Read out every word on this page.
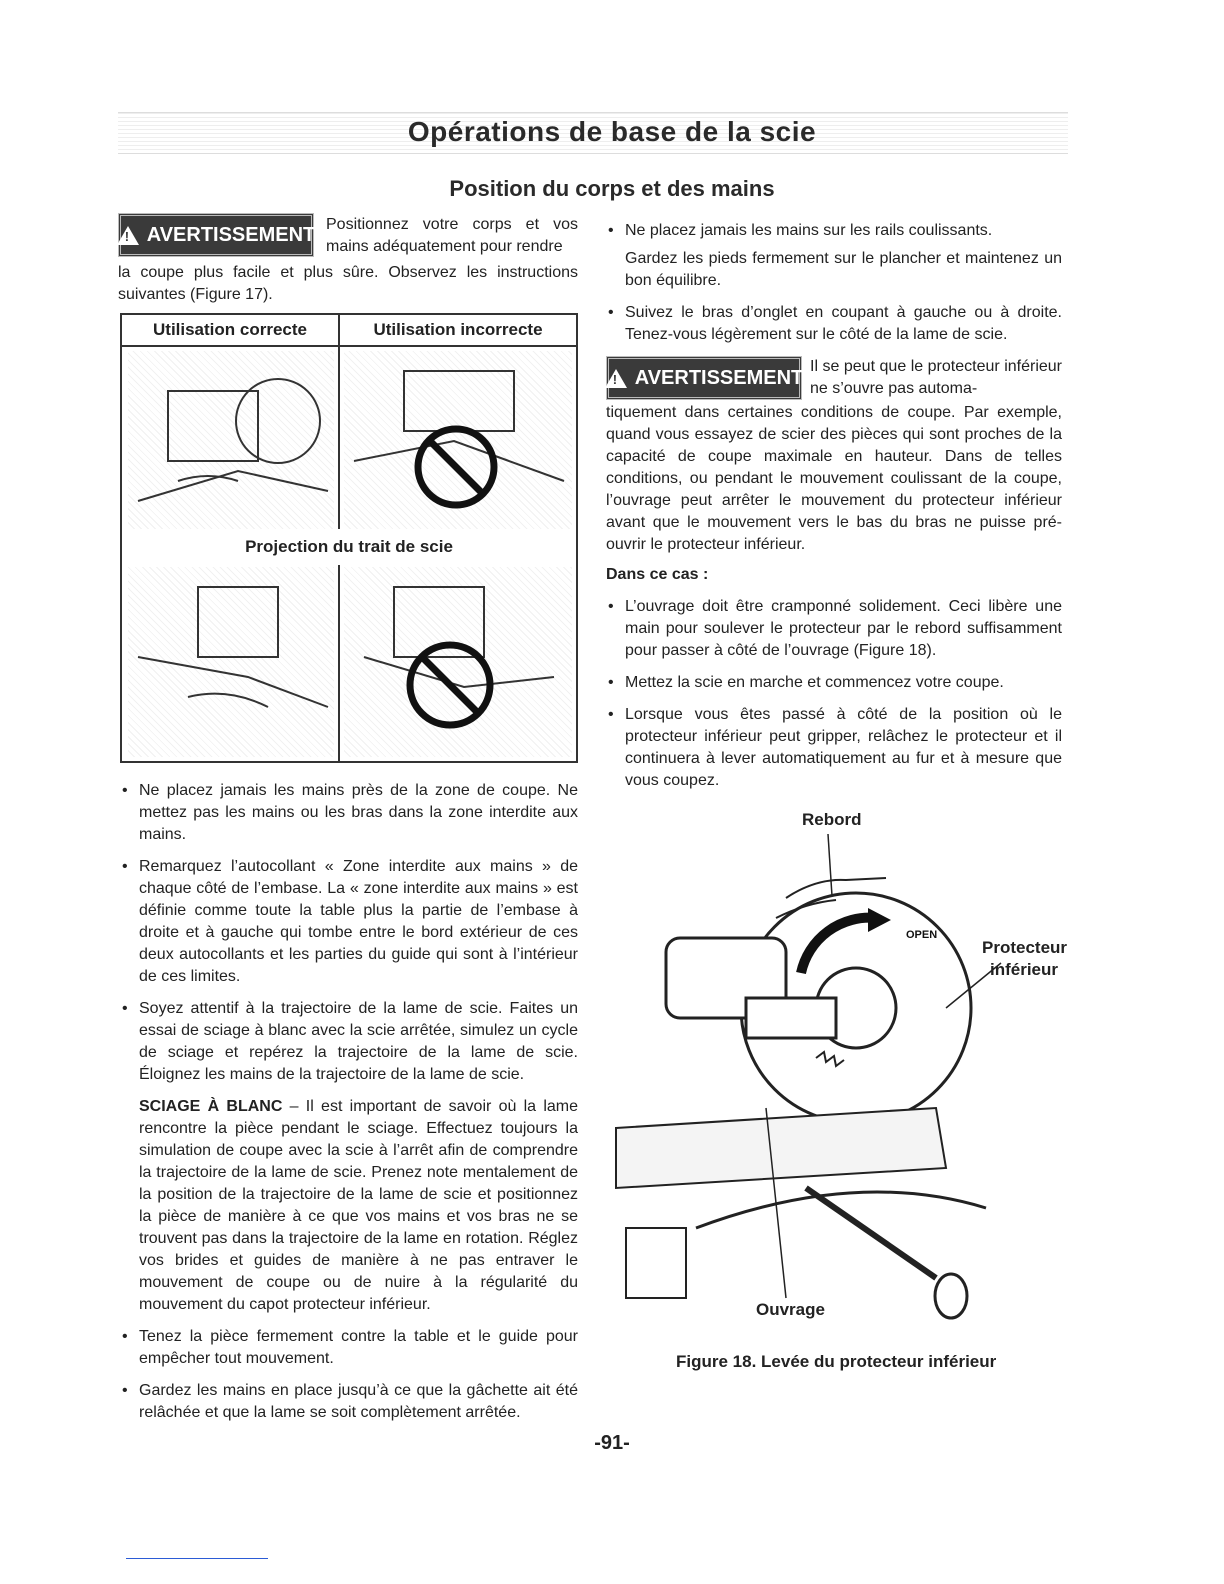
Opérations de base de la scie
Position du corps et des mains
!
AVERTISSEMENT Positionnez votre corps et vos mains adéquatement pour rendre
la coupe plus facile et plus sûre. Observez les instructions suivantes (Figure 17).
Utilisation correcte	Utilisation incorrecte
Projection du trait de scie
• Ne placez jamais les mains près de la zone de coupe. Ne mettez pas les mains ou les bras dans la zone interdite aux mains.
• Remarquez l’autocollant « Zone interdite aux mains » de chaque côté de l’embase. La « zone interdite aux mains » est définie comme toute la table plus la partie de l’embase à droite et à gauche qui tombe entre le bord extérieur de ces deux autocollants et les parties du guide qui sont à l’intérieur de ces limites.
• Soyez attentif à la trajectoire de la lame de scie. Faites un essai de sciage à blanc avec la scie arrêtée, simulez un cycle de sciage et repérez la trajectoire de la lame de scie. Éloignez les mains de la trajectoire de la lame de scie.
SCIAGE À BLANC – Il est important de savoir où la lame rencontre la pièce pendant le sciage. Effectuez toujours la simulation de coupe avec la scie à l’arrêt afin de comprendre la trajectoire de la lame de scie. Prenez note mentalement de la position de la trajectoire de la lame de scie et positionnez la pièce de manière à ce que vos mains et vos bras ne se trouvent pas dans la trajectoire de la lame en rotation. Réglez vos brides et guides de manière à ne pas entraver le mouvement de coupe ou de nuire à la régularité du mouvement du capot protecteur inférieur.
• Tenez la pièce fermement contre la table et le guide pour empêcher tout mouvement.
• Gardez les mains en place jusqu’à ce que la gâchette ait été relâchée et que la lame se soit complètement arrêtée.
• Ne placez jamais les mains sur les rails coulissants.
Gardez les pieds fermement sur le plancher et maintenez un bon équilibre.
• Suivez le bras d’onglet en coupant à gauche ou à droite. Tenez-vous légèrement sur le côté de la lame de scie.
!
AVERTISSEMENT Il se peut que le protecteur inférieur ne s’ouvre pas automa-
tiquement dans certaines conditions de coupe. Par exemple, quand vous essayez de scier des pièces qui sont proches de la capacité de coupe maximale en hauteur. Dans de telles conditions, ou pendant le mouvement coulissant de la coupe, l’ouvrage peut arrêter le mouvement du protecteur inférieur avant que le mouvement vers le bas du bras ne puisse pré-ouvrir le protecteur inférieur.
Dans ce cas :
• L’ouvrage doit être cramponné solidement. Ceci libère une main pour soulever le protecteur par le rebord suffisamment pour passer à côté de l’ouvrage (Figure 18).
• Mettez la scie en marche et commencez votre coupe.
• Lorsque vous êtes passé à côté de la position où le protecteur inférieur peut gripper, relâchez le protecteur et il continuera à lever automatiquement au fur et à mesure que vous coupez.
OPEN
Rebord
Protecteur
inférieur
Ouvrage
Figure 18. Levée du protecteur inférieur
-91-
